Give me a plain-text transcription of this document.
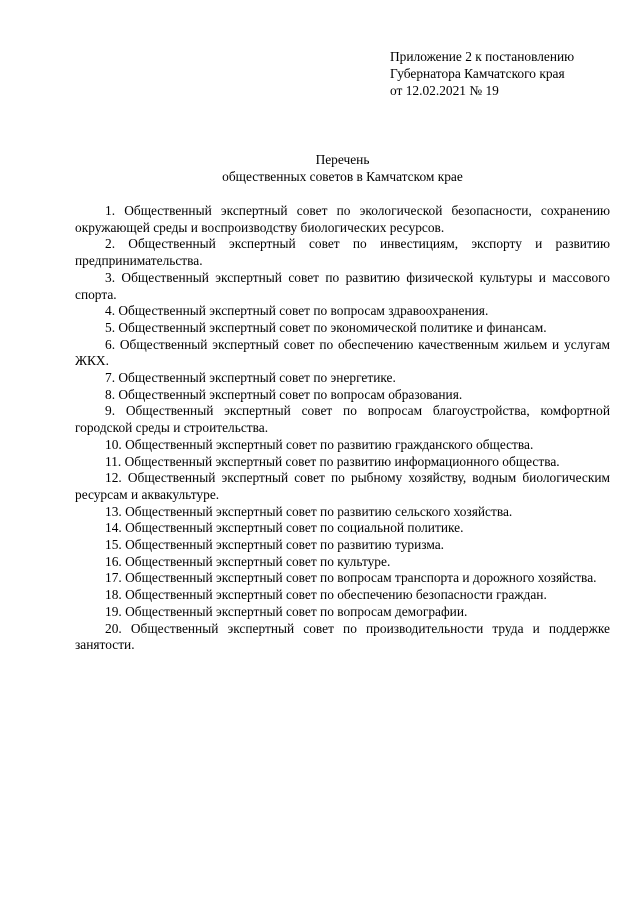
Приложение 2 к постановлению
Губернатора Камчатского края
от 12.02.2021 № 19
Перечень
общественных советов в Камчатском крае

1. Общественный экспертный совет по экологической безопасности, сохранению окружающей среды и воспроизводству биологических ресурсов.

2. Общественный экспертный совет по инвестициям, экспорту и развитию предпринимательства.

3. Общественный экспертный совет по развитию физической культуры и массового спорта.

4. Общественный экспертный совет по вопросам здравоохранения.

5. Общественный экспертный совет по экономической политике и финансам.

6. Общественный экспертный совет по обеспечению качественным жильем и услугам ЖКХ.

7. Общественный экспертный совет по энергетике.

8. Общественный экспертный совет по вопросам образования.

9. Общественный экспертный совет по вопросам благоустройства, комфортной городской среды и строительства.

10. Общественный экспертный совет по развитию гражданского общества.

11. Общественный экспертный совет по развитию информационного общества.

12. Общественный экспертный совет по рыбному хозяйству, водным биологическим ресурсам и аквакультуре.

13. Общественный экспертный совет по развитию сельского хозяйства.

14. Общественный экспертный совет по социальной политике.

15. Общественный экспертный совет по развитию туризма.

16. Общественный экспертный совет по культуре.

17. Общественный экспертный совет по вопросам транспорта и дорожного хозяйства.

18. Общественный экспертный совет по обеспечению безопасности граждан.

19. Общественный экспертный совет по вопросам демографии.

20. Общественный экспертный совет по производительности труда и поддержке занятости.
